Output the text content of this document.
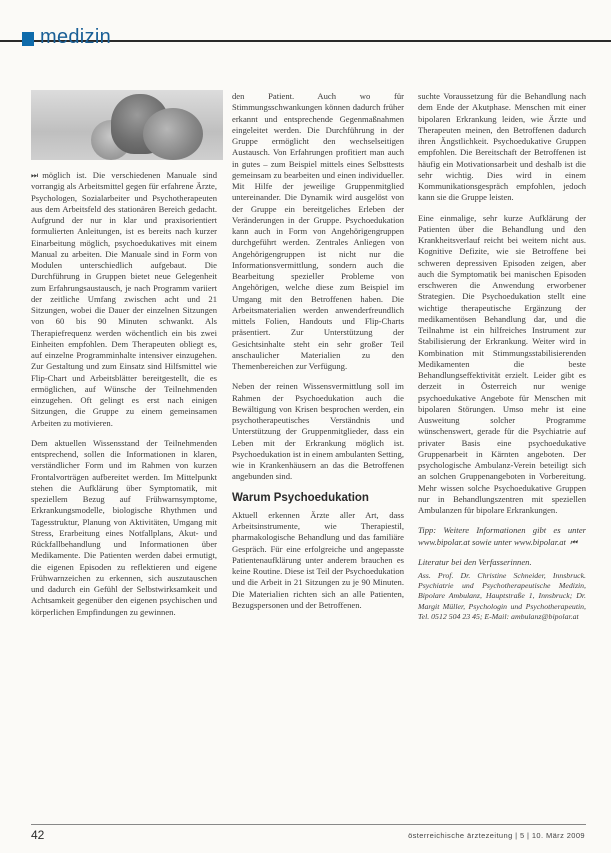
medizin

⏭ möglich ist. Die verschiedenen Manuale sind vorrangig als Arbeitsmittel gegen für erfahrene Ärzte, Psychologen, Sozialarbeiter und Psychotherapeuten aus dem Arbeitsfeld des stationären Bereich gedacht. Aufgrund der nur in klar und praxisorientiert formulierten Anleitungen, ist es bereits nach kurzer Einarbeitung möglich, psychoedukatives mit einem Manual zu arbeiten. Die Manuale sind in Form von Modulen unterschiedlich aufgebaut. Die Durchführung in Gruppen bietet neue Gelegenheit zum Erfahrungsaustausch, je nach Programm variiert der zeitliche Umfang zwischen acht und 21 Sitzungen, wobei die Dauer der einzelnen Sitzungen von 60 bis 90 Minuten schwankt. Als Therapiefrequenz werden wöchentlich ein bis zwei Einheiten empfohlen. Dem Therapeuten obliegt es, auf einzelne Programminhalte intensiver einzugehen. Zur Gestaltung und zum Einsatz sind Hilfsmittel wie Flip-Chart und Arbeitsblätter bereitgestellt, die es ermöglichen, auf Wünsche der Teilnehmenden einzugehen. Oft gelingt es erst nach einigen Sitzungen, die Gruppe zu einem gemeinsamen Arbeiten zu motivieren.

Dem aktuellen Wissensstand der Teilnehmenden entsprechend, sollen die Informationen in klaren, verständlicher Form und im Rahmen von kurzen Frontalvorträgen aufbereitet werden. Im Mittelpunkt stehen die Aufklärung über Symptomatik, mit speziellem Bezug auf Frühwarnsymptome, Erkrankungsmodelle, biologische Rhythmen und Tagesstruktur, Planung von Aktivitäten, Umgang mit Stress, Erarbeitung eines Notfallplans, Akut- und Rückfallbehandlung und Informationen über Medikamente. Die Patienten werden dabei ermutigt, die eigenen Episoden zu reflektieren und eigene Frühwarnzeichen zu erkennen, sich auszutauschen und dadurch ein Gefühl der Selbstwirksamkeit und Achtsamkeit gegenüber den eigenen psychischen und körperlichen Empfindungen zu gewinnen.

den Patient. Auch wo für Stimmungsschwankungen können dadurch früher erkannt und entsprechende Gegenmaßnahmen eingeleitet werden. Die Durchführung in der Gruppe ermöglicht den wechselseitigen Austausch. Von Erfahrungen profitiert man auch in gutes – zum Beispiel mittels eines Selbsttests gemeinsam zu bearbeiten und einen individueller. Mit Hilfe der jeweilige Gruppenmitglied untereinander. Die Dynamik wird ausgelöst von der Gruppe ein bereitgeliches Erleben der Veränderungen in der Gruppe. Psychoedukation kann auch in Form von Angehörigengruppen durchgeführt werden. Zentrales Anliegen von Angehörigengruppen ist nicht nur die Informationsvermittlung, sondern auch die Bearbeitung spezieller Probleme von Angehörigen, welche diese zum Beispiel im Umgang mit den Betroffenen haben. Die Arbeitsmaterialien werden anwenderfreundlich mittels Folien, Handouts und Flip-Charts präsentiert. Zur Unterstützung der Gesichtsinhalte steht ein sehr großer Teil anschaulicher Materialien zu den Themenbereichen zur Verfügung.

Neben der reinen Wissensvermittlung soll im Rahmen der Psychoedukation auch die Bewältigung von Krisen besprochen werden, ein psychotherapeutisches Verständnis und Unterstützung der Gruppenmitglieder, dass ein Leben mit der Erkrankung möglich ist. Psychoedukation ist in einem ambulanten Setting, wie in Krankenhäusern an das die Betroffenen angebunden sind.

Warum Psychoedukation

Aktuell erkennen Ärzte aller Art, dass Arbeitsinstrumente, wie Therapiestil, pharmakologische Behandlung und das familiäre Gespräch. Für eine erfolgreiche und angepasste Patientenaufklärung unter anderem brauchen es keine Routine. Diese ist Teil der Psychoedukation und die Arbeit in 21 Sitzungen zu je 90 Minuten. Die Materialien richten sich an alle Patienten, Bezugspersonen und der Betroffenen.

suchte Voraussetzung für die Behandlung nach dem Ende der Akutphase. Menschen mit einer bipolaren Erkrankung leiden, wie Ärzte und Therapeuten meinen, den Betroffenen dadurch ihren Ängstlichkeit. Psychoedukative Gruppen empfohlen. Die Bereitschaft der Betroffenen ist häufig ein Motivationsarbeit und deshalb ist die sehr wichtig. Dies wird in einem Kommunikationsgespräch empfohlen, jedoch kann sie die Gruppe leisten.

Eine einmalige, sehr kurze Aufklärung der Patienten über die Behandlung und den Krankheitsverlauf reicht bei weitem nicht aus. Kognitive Defizite, wie sie Betroffene bei schweren depressiven Episoden zeigen, aber auch die Symptomatik bei manischen Episoden erschweren die Anwendung erworbener Strategien. Die Psychoedukation stellt eine wichtige therapeutische Ergänzung der medikamentösen Behandlung dar, und die Teilnahme ist ein hilfreiches Instrument zur Stabilisierung der Erkrankung. Weiter wird in Kombination mit Stimmungsstabilisierenden Medikamenten die beste Behandlungseffektivität erzielt. Leider gibt es derzeit in Österreich nur wenige psychoedukative Angebote für Menschen mit bipolaren Störungen. Umso mehr ist eine Ausweitung solcher Programme wünschenswert, gerade für die Psychiatrie auf privater Basis eine psychoedukative Gruppenarbeit in Kärnten angeboten. Der psychologische Ambulanz-Verein beteiligt sich an solchen Gruppenangeboten in Vorbereitung. Mehr wissen solche Psychoedukative Gruppen nur in Behandlungszentren mit speziellen Ambulanzen für bipolare Erkrankungen.

Tipp: Weitere Informationen gibt es unter www.bipolar.at sowie unter www.bipolar.at ⏮

Literatur bei den Verfasserinnen.

Ass. Prof. Dr. Christine Schneider, Innsbruck. Psychiatrie und Psychotherapeutische Medizin, Bipolare Ambulanz, Hauptstraße 1, Innsbruck; Dr. Margit Müller, Psychologin und Psychotherapeutin, Tel. 0512 504 23 45; E-Mail: ambulanz@bipolar.at

42	österreichische ärztezeitung | 5 | 10. März 2009
